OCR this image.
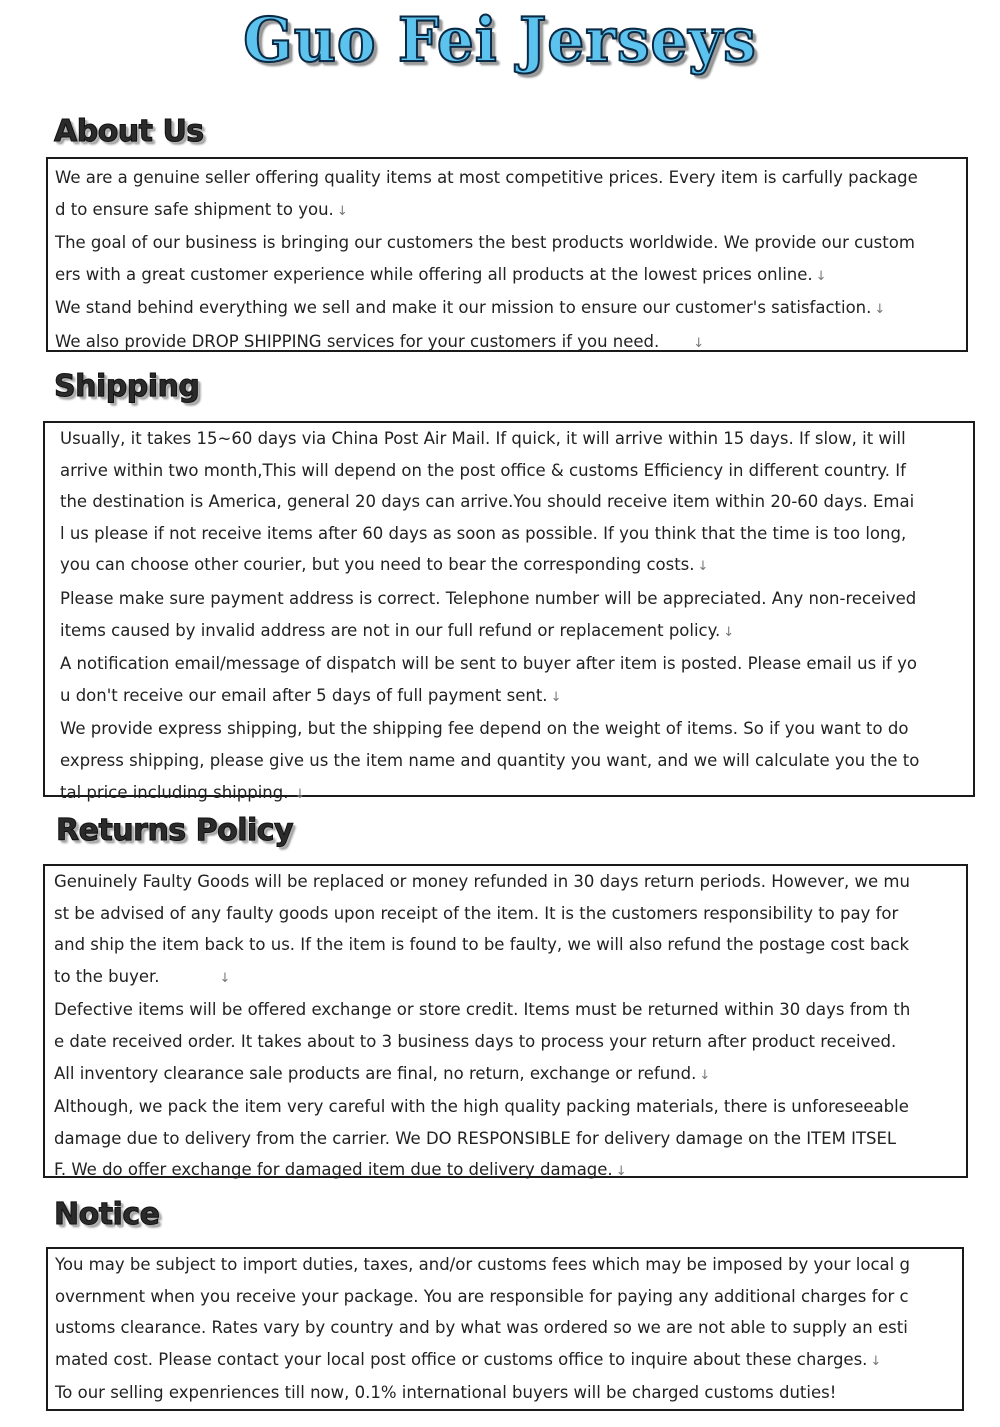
Guo Fei Jerseys
About Us

We are a genuine seller offering quality items at most competitive prices. Every item is carfully package

d to ensure safe shipment to you. ↓

The goal of our business is bringing our customers the best products worldwide. We provide our custom

ers with a great customer experience while offering all products at the lowest prices online. ↓

We stand behind everything we sell and make it our mission to ensure our customer's satisfaction. ↓

We also provide DROP SHIPPING services for your customers if you need.	↓

Shipping

Usually, it takes 15~60 days via China Post Air Mail. If quick, it will arrive within 15 days. If slow, it will

arrive within two month,This will depend on the post office & customs Efficiency in different country. If

the destination is America, general 20 days can arrive.You should receive item within 20-60 days. Emai

l us please if not receive items after 60 days as soon as possible. If you think that the time is too long,

you can choose other courier, but you need to bear the corresponding costs. ↓

Please make sure payment address is correct. Telephone number will be appreciated. Any non-received

items caused by invalid address are not in our full refund or replacement policy. ↓

A notification email/message of dispatch will be sent to buyer after item is posted. Please email us if yo

u don't receive our email after 5 days of full payment sent. ↓

We provide express shipping, but the shipping fee depend on the weight of items. So if you want to do

express shipping, please give us the item name and quantity you want, and we will calculate you the to

tal price including shipping. ↓

Returns Policy

Genuinely Faulty Goods will be replaced or money refunded in 30 days return periods. However, we mu

st be advised of any faulty goods upon receipt of the item. It is the customers responsibility to pay for

and ship the item back to us. If the item is found to be faulty, we will also refund the postage cost back

to the buyer.	↓

Defective items will be offered exchange or store credit. Items must be returned within 30 days from th

e date received order. It takes about to 3 business days to process your return after product received.

All inventory clearance sale products are final, no return, exchange or refund. ↓

Although, we pack the item very careful with the high quality packing materials, there is unforeseeable

damage due to delivery from the carrier. We DO RESPONSIBLE for delivery damage on the ITEM ITSEL

F. We do offer exchange for damaged item due to delivery damage. ↓

Notice

You may be subject to import duties, taxes, and/or customs fees which may be imposed by your local g

overnment when you receive your package. You are responsible for paying any additional charges for c

ustoms clearance. Rates vary by country and by what was ordered so we are not able to supply an esti

mated cost. Please contact your local post office or customs office to inquire about these charges. ↓

To our selling expenriences till now, 0.1% international buyers will be charged customs duties!
